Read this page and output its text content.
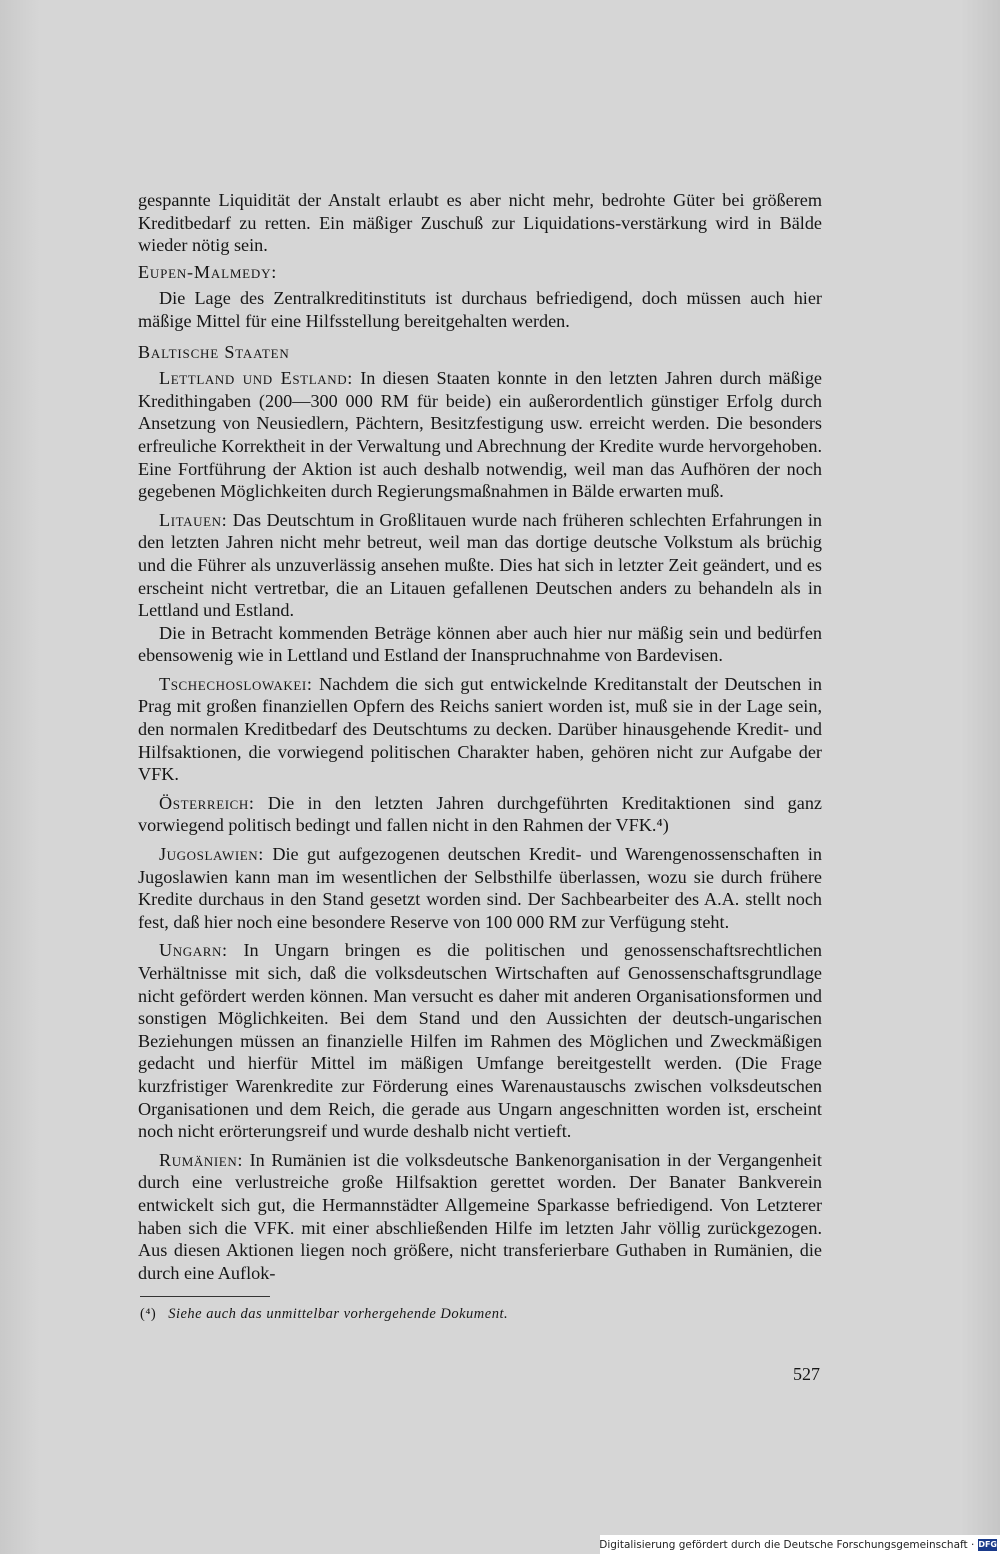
gespannte Liquidität der Anstalt erlaubt es aber nicht mehr, bedrohte Güter bei größerem Kreditbedarf zu retten. Ein mäßiger Zuschuß zur Liquidations-verstärkung wird in Bälde wieder nötig sein.

Eupen-Malmedy:

Die Lage des Zentralkreditinstituts ist durchaus befriedigend, doch müssen auch hier mäßige Mittel für eine Hilfsstellung bereitgehalten werden.

Baltische Staaten

Lettland und Estland: In diesen Staaten konnte in den letzten Jahren durch mäßige Kredithingaben (200—300 000 RM für beide) ein außerordentlich günstiger Erfolg durch Ansetzung von Neusiedlern, Pächtern, Besitzfestigung usw. erreicht werden. Die besonders erfreuliche Korrektheit in der Verwaltung und Abrechnung der Kredite wurde hervorgehoben. Eine Fortführung der Aktion ist auch deshalb notwendig, weil man das Aufhören der noch gegebenen Möglichkeiten durch Regierungsmaßnahmen in Bälde erwarten muß.

Litauen: Das Deutschtum in Großlitauen wurde nach früheren schlechten Erfahrungen in den letzten Jahren nicht mehr betreut, weil man das dortige deutsche Volkstum als brüchig und die Führer als unzuverlässig ansehen mußte. Dies hat sich in letzter Zeit geändert, und es erscheint nicht vertretbar, die an Litauen gefallenen Deutschen anders zu behandeln als in Lettland und Estland.

Die in Betracht kommenden Beträge können aber auch hier nur mäßig sein und bedürfen ebensowenig wie in Lettland und Estland der Inanspruchnahme von Bardevisen.

Tschechoslowakei: Nachdem die sich gut entwickelnde Kreditanstalt der Deutschen in Prag mit großen finanziellen Opfern des Reichs saniert worden ist, muß sie in der Lage sein, den normalen Kreditbedarf des Deutschtums zu decken. Darüber hinausgehende Kredit- und Hilfsaktionen, die vorwiegend politischen Charakter haben, gehören nicht zur Aufgabe der VFK.

Österreich: Die in den letzten Jahren durchgeführten Kreditaktionen sind ganz vorwiegend politisch bedingt und fallen nicht in den Rahmen der VFK.⁴)

Jugoslawien: Die gut aufgezogenen deutschen Kredit- und Warengenossenschaften in Jugoslawien kann man im wesentlichen der Selbsthilfe überlassen, wozu sie durch frühere Kredite durchaus in den Stand gesetzt worden sind. Der Sachbearbeiter des A.A. stellt noch fest, daß hier noch eine besondere Reserve von 100 000 RM zur Verfügung steht.

Ungarn: In Ungarn bringen es die politischen und genossenschaftsrechtlichen Verhältnisse mit sich, daß die volksdeutschen Wirtschaften auf Genossenschaftsgrundlage nicht gefördert werden können. Man versucht es daher mit anderen Organisationsformen und sonstigen Möglichkeiten. Bei dem Stand und den Aussichten der deutsch-ungarischen Beziehungen müssen an finanzielle Hilfen im Rahmen des Möglichen und Zweckmäßigen gedacht und hierfür Mittel im mäßigen Umfange bereitgestellt werden. (Die Frage kurzfristiger Warenkredite zur Förderung eines Warenaustauschs zwischen volksdeutschen Organisationen und dem Reich, die gerade aus Ungarn angeschnitten worden ist, erscheint noch nicht erörterungsreif und wurde deshalb nicht vertieft.

Rumänien: In Rumänien ist die volksdeutsche Bankenorganisation in der Vergangenheit durch eine verlustreiche große Hilfsaktion gerettet worden. Der Banater Bankverein entwickelt sich gut, die Hermannstädter Allgemeine Sparkasse befriedigend. Von Letzterer haben sich die VFK. mit einer abschließenden Hilfe im letzten Jahr völlig zurückgezogen. Aus diesen Aktionen liegen noch größere, nicht transferierbare Guthaben in Rumänien, die durch eine Auflok-

(⁴) Siehe auch das unmittelbar vorhergehende Dokument.
527
Digitalisierung gefördert durch die Deutsche Forschungsgemeinschaft · DFG
